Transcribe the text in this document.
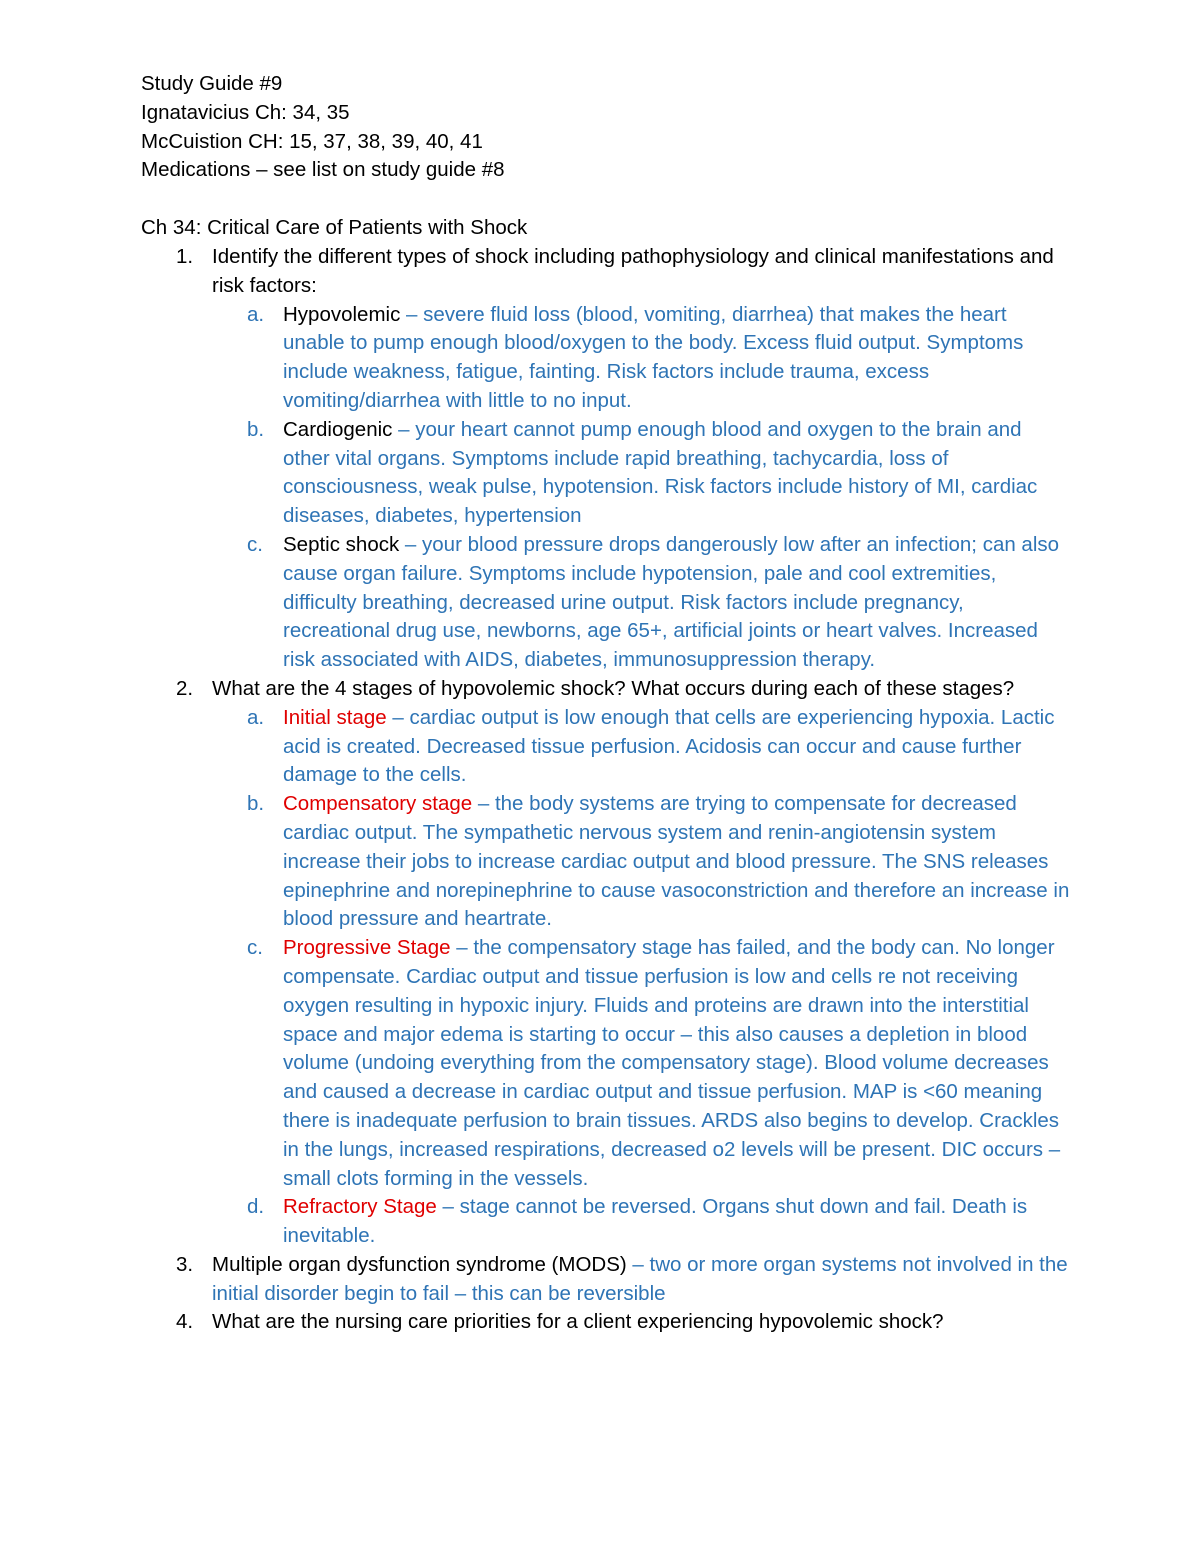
Study Guide #9
Ignatavicius Ch: 34, 35
McCuistion CH: 15, 37, 38, 39, 40, 41
Medications – see list on study guide #8
Ch 34: Critical Care of Patients with Shock
1. Identify the different types of shock including pathophysiology and clinical manifestations and risk factors:
a. Hypovolemic – severe fluid loss (blood, vomiting, diarrhea) that makes the heart unable to pump enough blood/oxygen to the body. Excess fluid output. Symptoms include weakness, fatigue, fainting. Risk factors include trauma, excess vomiting/diarrhea with little to no input.
b. Cardiogenic – your heart cannot pump enough blood and oxygen to the brain and other vital organs. Symptoms include rapid breathing, tachycardia, loss of consciousness, weak pulse, hypotension. Risk factors include history of MI, cardiac diseases, diabetes, hypertension
c. Septic shock – your blood pressure drops dangerously low after an infection; can also cause organ failure. Symptoms include hypotension, pale and cool extremities, difficulty breathing, decreased urine output. Risk factors include pregnancy, recreational drug use, newborns, age 65+, artificial joints or heart valves. Increased risk associated with AIDS, diabetes, immunosuppression therapy.
2. What are the 4 stages of hypovolemic shock? What occurs during each of these stages?
a. Initial stage – cardiac output is low enough that cells are experiencing hypoxia. Lactic acid is created. Decreased tissue perfusion. Acidosis can occur and cause further damage to the cells.
b. Compensatory stage – the body systems are trying to compensate for decreased cardiac output. The sympathetic nervous system and renin-angiotensin system increase their jobs to increase cardiac output and blood pressure. The SNS releases epinephrine and norepinephrine to cause vasoconstriction and therefore an increase in blood pressure and heartrate.
c. Progressive Stage – the compensatory stage has failed, and the body can. No longer compensate. Cardiac output and tissue perfusion is low and cells re not receiving oxygen resulting in hypoxic injury. Fluids and proteins are drawn into the interstitial space and major edema is starting to occur – this also causes a depletion in blood volume (undoing everything from the compensatory stage). Blood volume decreases and caused a decrease in cardiac output and tissue perfusion. MAP is <60 meaning there is inadequate perfusion to brain tissues. ARDS also begins to develop. Crackles in the lungs, increased respirations, decreased o2 levels will be present. DIC occurs – small clots forming in the vessels.
d. Refractory Stage – stage cannot be reversed. Organs shut down and fail. Death is inevitable.
3. Multiple organ dysfunction syndrome (MODS) – two or more organ systems not involved in the initial disorder begin to fail – this can be reversible
4. What are the nursing care priorities for a client experiencing hypovolemic shock?
